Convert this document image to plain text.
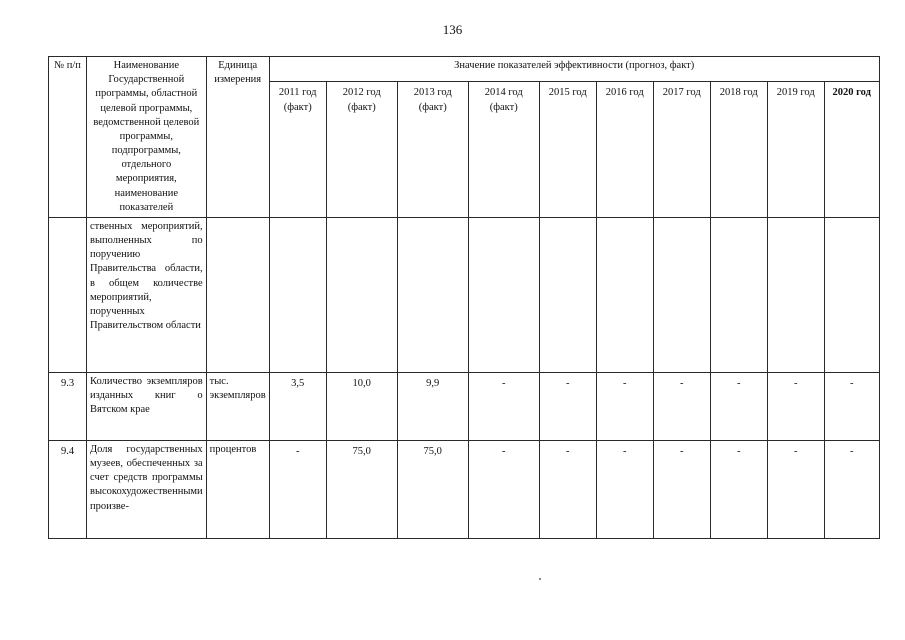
136
№ п/п	Наименование Государственной программы, областной целевой программы, ведомственной целевой программы, подпрограммы, отдельного мероприятия, наименование показателей	Единица измерения	Значение показателей эффективности (прогноз, факт)									
			2011 год (факт)	2012 год (факт)	2013 год (факт)	2014 год (факт)	2015 год	2016 год	2017 год	2018 год	2019 год	2020 год
	ственных мероприятий, выполненных по поручению Правительства области, в общем количестве мероприятий, порученных Правительством области											
9.3	Количество экземпляров изданных книг о Вятском крае	тыс. экземпляров	3,5	10,0	9,9	-	-	-	-	-	-	-
9.4	Доля государственных музеев, обеспеченных за счет средств программы высокохудожественными произве-	процентов	-	75,0	75,0	-	-	-	-	-	-	-
